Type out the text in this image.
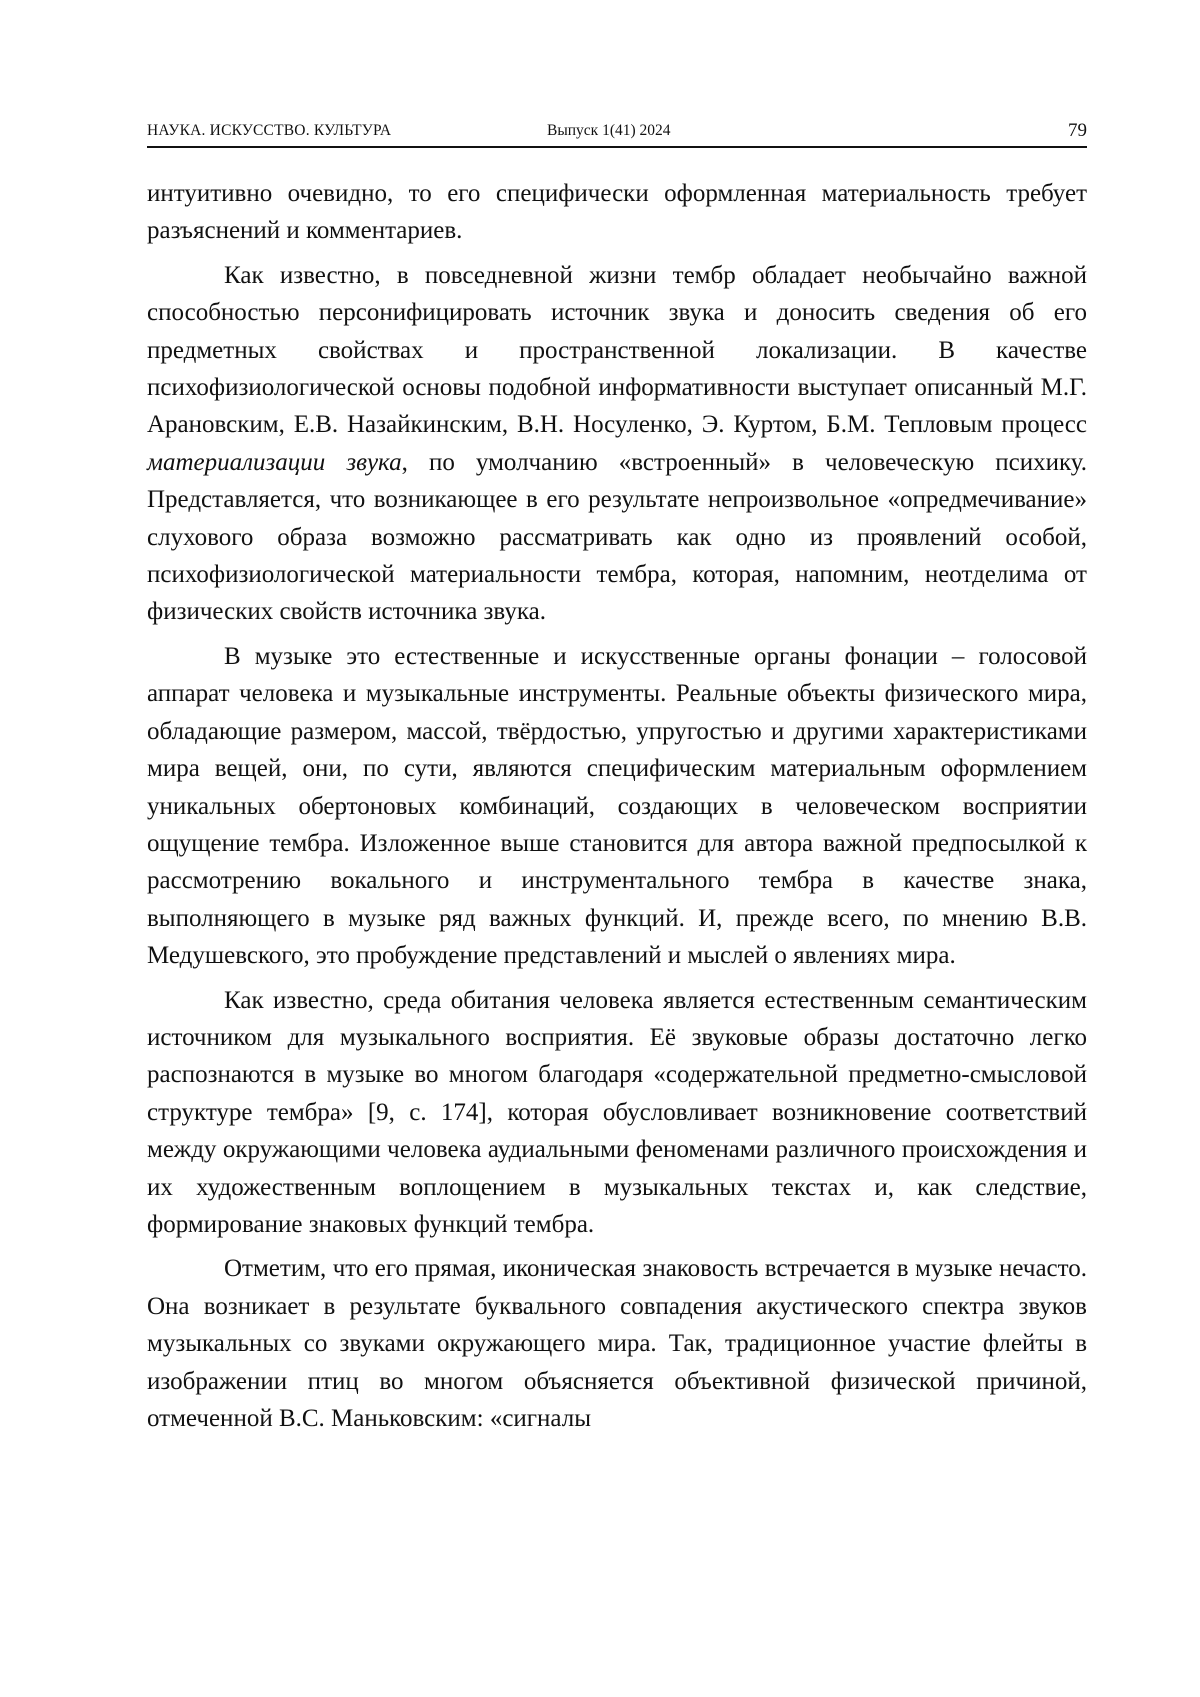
НАУКА. ИСКУССТВО. КУЛЬТУРА	Выпуск 1(41) 2024	79

интуитивно очевидно, то его специфически оформленная материальность требует разъяснений и комментариев.

Как известно, в повседневной жизни тембр обладает необычайно важной способностью персонифицировать источник звука и доносить сведения об его предметных свойствах и пространственной локализации. В качестве психофизиологической основы подобной информативности выступает описанный М.Г. Арановским, Е.В. Назайкинским, В.Н. Носуленко, Э. Куртом, Б.М. Тепловым процесс материализации звука, по умолчанию «встроенный» в человеческую психику. Представляется, что возникающее в его результате непроизвольное «опредмечивание» слухового образа возможно рассматривать как одно из проявлений особой, психофизиологической материальности тембра, которая, напомним, неотделима от физических свойств источника звука.

В музыке это естественные и искусственные органы фонации – голосовой аппарат человека и музыкальные инструменты. Реальные объекты физического мира, обладающие размером, массой, твёрдостью, упругостью и другими характеристиками мира вещей, они, по сути, являются специфическим материальным оформлением уникальных обертоновых комбинаций, создающих в человеческом восприятии ощущение тембра. Изложенное выше становится для автора важной предпосылкой к рассмотрению вокального и инструментального тембра в качестве знака, выполняющего в музыке ряд важных функций. И, прежде всего, по мнению В.В. Медушевского, это пробуждение представлений и мыслей о явлениях мира.

Как известно, среда обитания человека является естественным семантическим источником для музыкального восприятия. Её звуковые образы достаточно легко распознаются в музыке во многом благодаря «содержательной предметно-смысловой структуре тембра» [9, с. 174], которая обусловливает возникновение соответствий между окружающими человека аудиальными феноменами различного происхождения и их художественным воплощением в музыкальных текстах и, как следствие, формирование знаковых функций тембра.

Отметим, что его прямая, иконическая знаковость встречается в музыке нечасто. Она возникает в результате буквального совпадения акустического спектра звуков музыкальных со звуками окружающего мира. Так, традиционное участие флейты в изображении птиц во многом объясняется объективной физической причиной, отмеченной В.С. Маньковским: «сигналы
